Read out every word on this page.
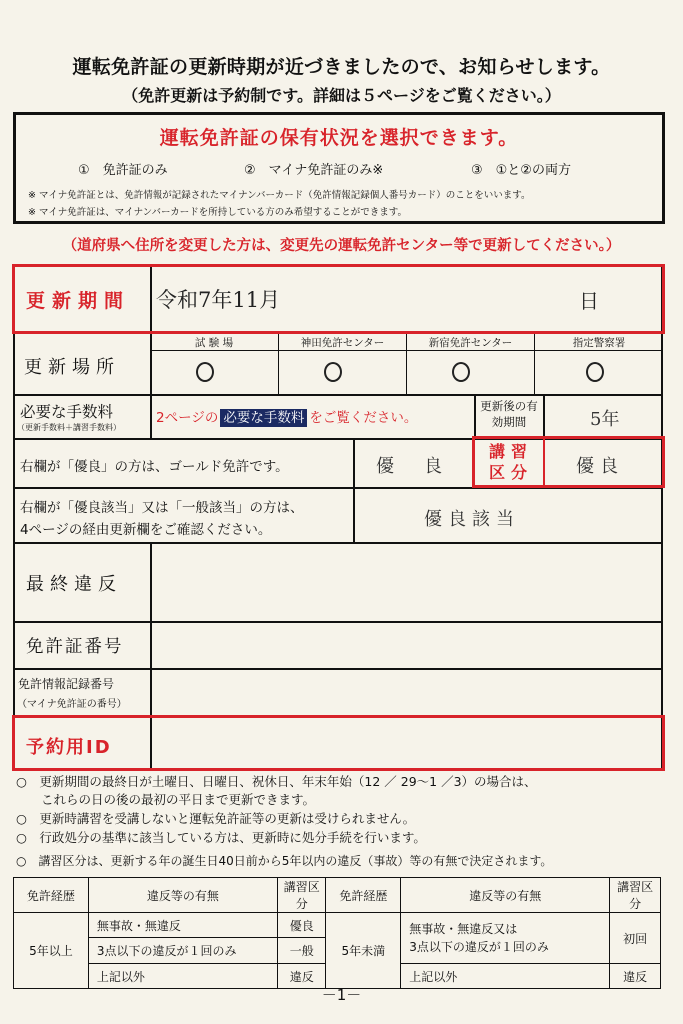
運転免許証の更新時期が近づきましたので、お知らせします。
（免許更新は予約制です。詳細は５ページをご覧ください。）
運転免許証の保有状況を選択できます。
①　免許証のみ	②　マイナ免許証のみ※	③　①と②の両方
※ マイナ免許証とは、免許情報が記録されたマイナンバーカード（免許情報記録個人番号カード）のことをいいます。
※ マイナ免許証は、マイナンバーカードを所持している方のみ希望することができます。
（道府県へ住所を変更した方は、変更先の運転免許センター等で更新してください。）
更新期間 令和7年11月	日
更新場所
試 験 場	神田免許センター	新宿免許センター	指定警察署
必要な手数料
（更新手数料＋講習手数料）
2ページの 必要な手数料 をご覧ください。
更新後の有効期間	5年
右欄が「優良」の方は、ゴールド免許です。	優　良
講習区分	優良
右欄が「優良該当」又は「一般該当」の方は、
4ページの経由更新欄をご確認ください。	優良該当
最終違反
免許証番号
免許情報記録番号
（マイナ免許証の番号）
予約用ID
○　更新期間の最終日が土曜日、日曜日、祝休日、年末年始（12 ／ 29〜1 ／3）の場合は、
　　これらの日の後の最初の平日まで更新できます。
○　更新時講習を受講しないと運転免許証等の更新は受けられません。
○　行政処分の基準に該当している方は、更新時に処分手続を行います。
○　講習区分は、更新する年の誕生日40日前から5年以内の違反（事故）等の有無で決定されます。
免許経歴	違反等の有無	講習区分	免許経歴	違反等の有無	講習区分
5年以上	無事故・無違反	優良	5年未満	無事故・無違反又は
3点以下の違反が１回のみ	初回
	3点以下の違反が１回のみ	一般			
	上記以外	違反		上記以外	違反
－1－
